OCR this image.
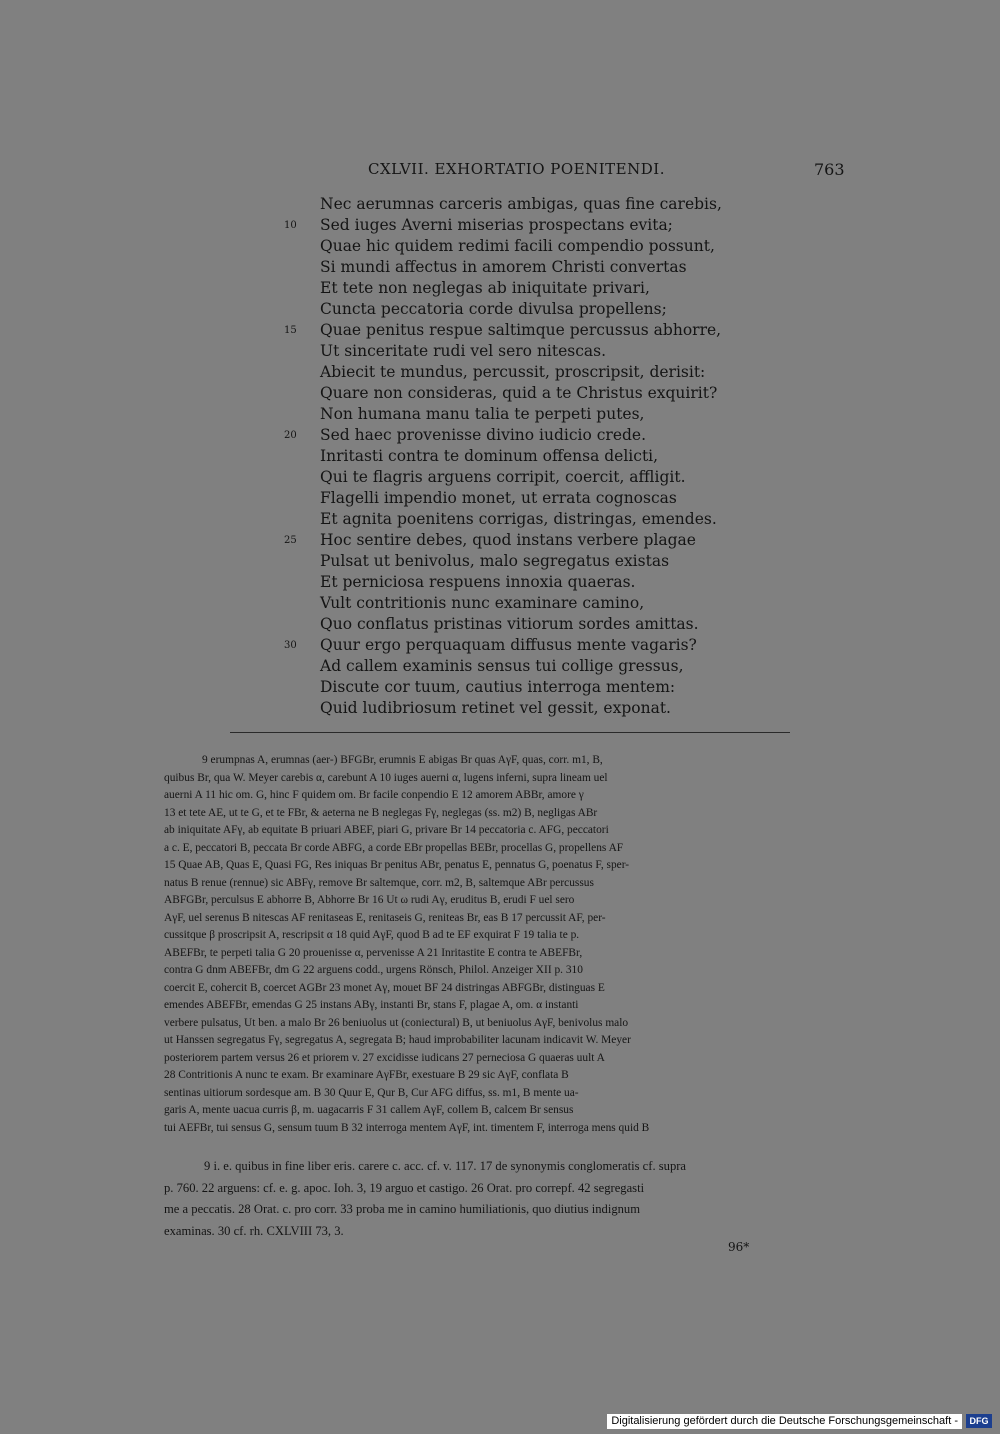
CXLVII. EXHORTATIO POENITENDI.	763
Nec aerumnas carceris ambigas, quas fine carebis,
10 Sed iuges Averni miserias prospectans evita;
Quae hic quidem redimi facili compendio possunt,
Si mundi affectus in amorem Christi convertas
Et tete non neglegas ab iniquitate privari,
Cuncta peccatoria corde divulsa propellens;
15 Quae penitus respue saltimque percussus abhorre,
Ut sinceritate rudi vel sero nitescas.
Abiecit te mundus, percussit, proscripsit, derisit:
Quare non consideras, quid a te Christus exquirit?
Non humana manu talia te perpeti putes,
20 Sed haec provenisse divino iudicio crede.
Inritasti contra te dominum offensa delicti,
Qui te flagris arguens corripit, coercit, affligit.
Flagelli impendio monet, ut errata cognoscas
Et agnita poenitens corrigas, distringas, emendes.
25 Hoc sentire debes, quod instans verbere plagae
Pulsat ut benivolus, malo segregatus existas
Et perniciosa respuens innoxia quaeras.
Vult contritionis nunc examinare camino,
Quo conflatus pristinas vitiorum sordes amittas.
30 Quur ergo perquaquam diffusus mente vagaris?
Ad callem examinis sensus tui collige gressus,
Discute cor tuum, cautius interroga mentem:
Quid ludibriosum retinet vel gessit, exponat.
9 erumpnas A, erumnas (aer-) BFGBr, erumnis E abigas Br quas AγF, quas, corr. m1, B,
quibus Br, qua W. Meyer carebis α, carebunt A 10 iuges auerni α, lugens inferni, supra lineam uel
auerni A 11 hic om. G, hinc F quidem om. Br facile conpendio E 12 amorem ABBr, amore γ
13 et tete AE, ut te G, et te FBr, & aeterna ne B neglegas Fγ, neglegas (ss. m2) B, negligas ABr
ab iniquitate AFγ, ab equitate B priuari ABEF, piari G, privare Br 14 peccatoria c. AFG, peccatori
a c. E, peccatori B, peccata Br corde ABFG, a corde EBr propellas BEBr, procellas G, propellens AF
15 Quae AB, Quas E, Quasi FG, Res iniquas Br penitus ABr, penatus E, pennatus G, poenatus F, sper-
natus B renue (rennue) sic ABFγ, remove Br saltemque, corr. m2, B, saltemque ABr percussus
ABFGBr, perculsus E abhorre B, Abhorre Br 16 Ut ω rudi Aγ, eruditus B, erudi F uel sero
AγF, uel serenus B nitescas AF renitaseas E, renitaseis G, reniteas Br, eas B 17 percussit AF, per-
cussitque β proscripsit A, rescripsit α 18 quid AγF, quod B ad te EF exquirat F 19 talia te p.
ABEFBr, te perpeti talia G 20 prouenisse α, pervenisse A 21 Inritastite E contra te ABEFBr,
contra G dnm ABEFBr, dm G 22 arguens codd., urgens Rönsch, Philol. Anzeiger XII p. 310
coercit E, cohercit B, coercet AGBr 23 monet Aγ, mouet BF 24 distringas ABFGBr, distinguas E
emendes ABEFBr, emendas G 25 instans ABγ, instanti Br, stans F, plagae A, om. α instanti
verbere pulsatus, Ut ben. a malo Br 26 beniuolus ut (coniectural) B, ut beniuolus AγF, benivolus malo
ut Hanssen segregatus Fγ, segregatus A, segregata B; haud improbabiliter lacunam indicavit W. Meyer
posteriorem partem versus 26 et priorem v. 27 excidisse iudicans 27 perneciosa G quaeras uult A
28 Contritionis A nunc te exam. Br examinare AγFBr, exestuare B 29 sic AγF, conflata B
sentinas uitiorum sordesque am. B 30 Quur E, Qur B, Cur AFG diffus, ss. m1, B mente ua-
garis A, mente uacua curris β, m. uagacarris F 31 callem AγF, collem B, calcem Br sensus
tui AEFBr, tui sensus G, sensum tuum B 32 interroga mentem AγF, int. timentem F, interroga mens quid B
9 i. e. quibus in fine liber eris. carere c. acc. cf. v. 117. 17 de synonymis conglomeratis cf. supra
p. 760. 22 arguens: cf. e. g. apoc. Ioh. 3, 19 arguo et castigo. 26 Orat. pro correpf. 42 segregasti
me a peccatis. 28 Orat. c. pro corr. 33 proba me in camino humiliationis, quo diutius indignum
examinas. 30 cf. rh. CXLVIII 73, 3.
96*
Digitalisierung gefördert durch die Deutsche Forschungsgemeinschaft -	DFG
